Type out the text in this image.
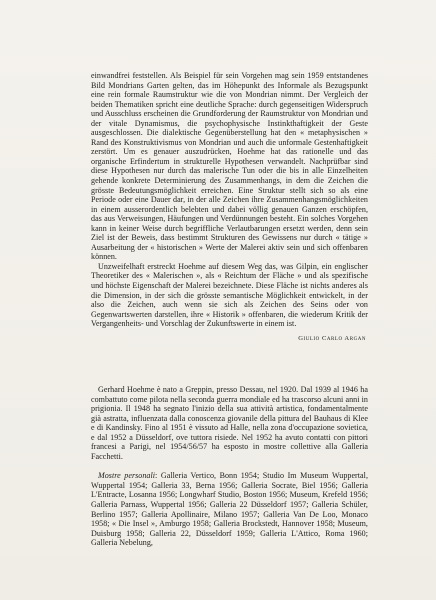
einwandfrei feststellen. Als Beispiel für sein Vorgehen mag sein 1959 entstandenes Bild Mondrians Garten gelten, das im Höhepunkt des Informale als Bezugspunkt eine rein formale Raumstruktur wie die von Mondrian nimmt. Der Vergleich der beiden Thematiken spricht eine deutliche Sprache: durch gegenseitigen Widerspruch und Ausschluss erscheinen die Grundforderung der Raumstruktur von Mondrian und der vitale Dynamismus, die psychophysische Instinkthaftigkeit der Geste ausgeschlossen. Die dialektische Gegenüberstellung hat den « metaphysischen » Rand des Konstruktivismus von Mondrian und auch die unformale Gestenhaftigkeit zerstört. Um es genauer auszudrücken, Hoehme hat das rationelle und das organische Erfindertum in strukturelle Hypothesen verwandelt. Nachprüfbar sind diese Hypothesen nur durch das malerische Tun oder die bis in alle Einzelheiten gehende konkrete Determinierung des Zusammenhangs, in dem die Zeichen die grösste Bedeutungsmöglichkeit erreichen. Eine Struktur stellt sich so als eine Periode oder eine Dauer dar, in der alle Zeichen ihre Zusammenhangsmöglichkeiten in einem ausserordentlich belebten und dabei völlig genauen Ganzen erschöpfen, das aus Verweisungen, Häufungen und Verdünnungen besteht. Ein solches Vorgehen kann in keiner Weise durch begriffliche Verlautbarungen ersetzt werden, denn sein Ziel ist der Beweis, dass bestimmt Strukturen des Gewissens nur durch « tätige » Ausarbeitung der « historischen » Werte der Malerei aktiv sein und sich offenbaren können.

Unzweifelhaft erstreckt Hoehme auf diesem Weg das, was Gilpin, ein englischer Theoretiker des « Malerischen », als « Reichtum der Fläche » und als spezifische und höchste Eigenschaft der Malerei bezeichnete. Diese Fläche ist nichts anderes als die Dimension, in der sich die grösste semantische Möglichkeit entwickelt, in der also die Zeichen, auch wenn sie sich als Zeichen des Seins oder von Gegenwartswerten darstellen, ihre « Historik » offenbaren, die wiederum Kritik der Vergangenheits- und Vorschlag der Zukunftswerte in einem ist.

Giulio Carlo Argan

Gerhard Hoehme è nato a Greppin, presso Dessau, nel 1920. Dal 1939 al 1946 ha combattuto come pilota nella seconda guerra mondiale ed ha trascorso alcuni anni in prigionia. Il 1948 ha segnato l'inizio della sua attività artistica, fondamentalmente già astratta, influenzata dalla conoscenza giovanile della pittura del Bauhaus di Klee e di Kandinsky. Fino al 1951 è vissuto ad Halle, nella zona d'occupazione sovietica, e dal 1952 a Düsseldorf, ove tuttora risiede. Nel 1952 ha avuto contatti con pittori francesi a Parigi, nel 1954/56/57 ha esposto in mostre collettive alla Galleria Facchetti.

Mostre personali: Galleria Vertico, Bonn 1954; Studio Im Museum Wuppertal, Wuppertal 1954; Galleria 33, Berna 1956; Galleria Socrate, Biel 1956; Galleria L'Entracte, Losanna 1956; Longwharf Studio, Boston 1956; Museum, Krefeld 1956; Galleria Parnass, Wuppertal 1956; Galleria 22 Düsseldorf 1957; Galleria Schüler, Berlino 1957; Galleria Apollinaire, Milano 1957; Galleria Van De Loo, Monaco 1958; « Die Insel », Amburgo 1958; Galleria Brockstedt, Hannover 1958; Museum, Duisburg 1958; Galleria 22, Düsseldorf 1959; Galleria L'Attico, Roma 1960; Galleria Nebelung,
